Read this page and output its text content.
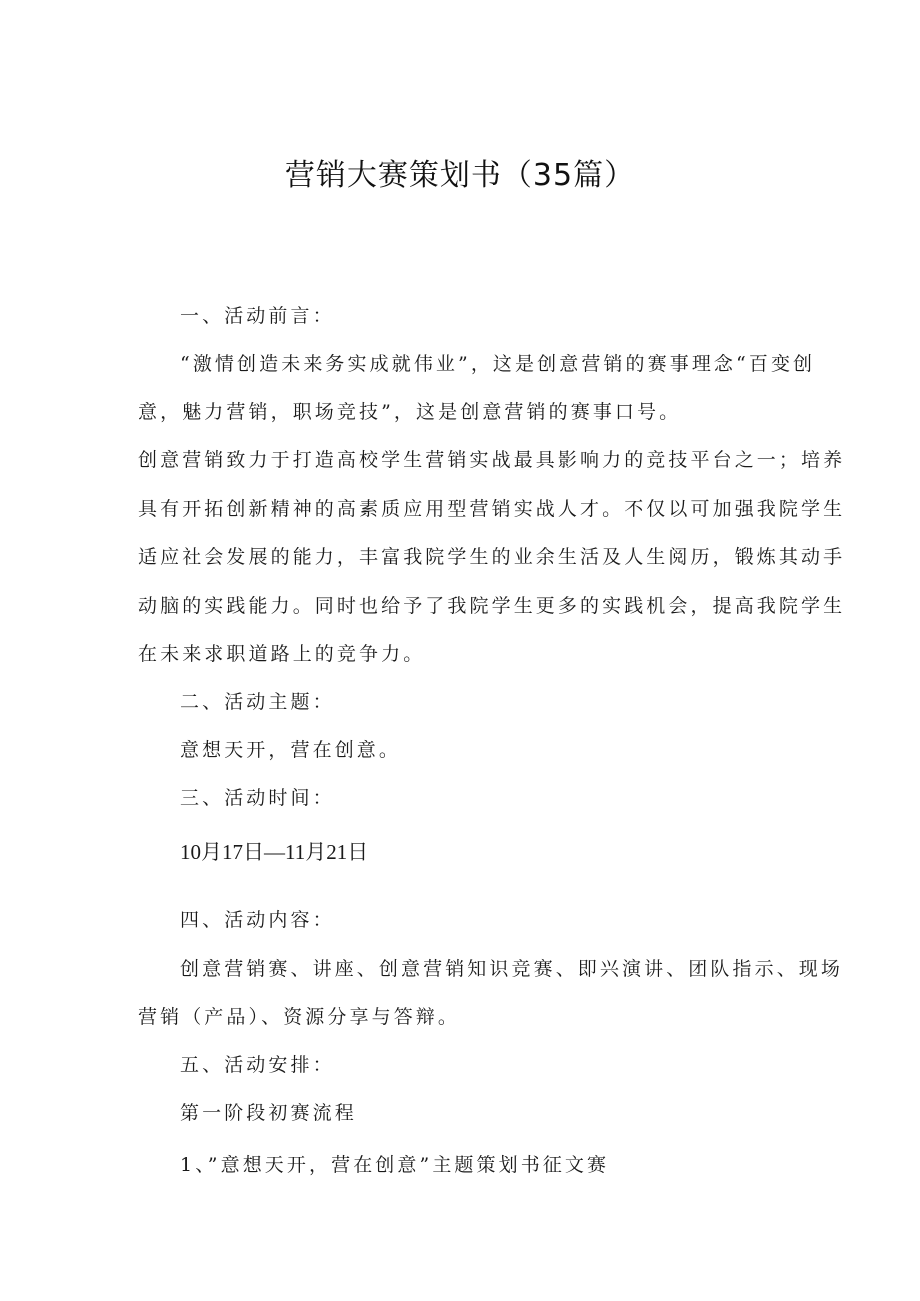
营销大赛策划书（35篇）
一、活动前言：
“激情创造未来务实成就伟业”，这是创意营销的赛事理念“百变创
意，魅力营销，职场竞技”，这是创意营销的赛事口号。
创意营销致力于打造高校学生营销实战最具影响力的竞技平台之一；培养
具有开拓创新精神的高素质应用型营销实战人才。不仅以可加强我院学生
适应社会发展的能力，丰富我院学生的业余生活及人生阅历，锻炼其动手
动脑的实践能力。同时也给予了我院学生更多的实践机会，提高我院学生
在未来求职道路上的竞争力。
二、活动主题：
意想天开，营在创意。
三、活动时间：
10月17日—11月21日
四、活动内容：
创意营销赛、讲座、创意营销知识竞赛、即兴演讲、团队指示、现场
营销（产品）、资源分享与答辩。
五、活动安排：
第一阶段初赛流程
1、”意想天开，营在创意”主题策划书征文赛
